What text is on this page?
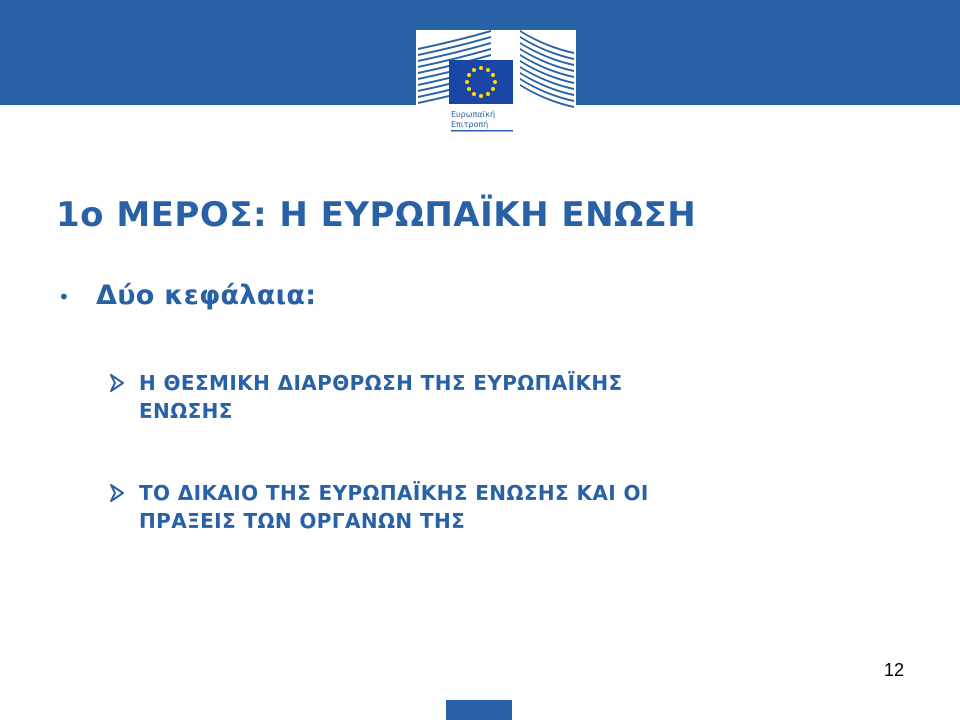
Ευρωπαϊκή
Επιτροπή
1ο ΜΕΡΟΣ: Η ΕΥΡΩΠΑΪΚΗ ΕΝΩΣΗ
• Δύο κεφάλαια:
Η ΘΕΣΜΙΚΗ ΔΙΑΡΘΡΩΣΗ ΤΗΣ ΕΥΡΩΠΑΪΚΗΣ
ΕΝΩΣΗΣ
ΤΟ ΔΙΚΑΙΟ ΤΗΣ ΕΥΡΩΠΑΪΚΗΣ ΕΝΩΣΗΣ ΚΑΙ ΟΙ
ΠΡΑΞΕΙΣ ΤΩΝ ΟΡΓΑΝΩΝ ΤΗΣ
12
